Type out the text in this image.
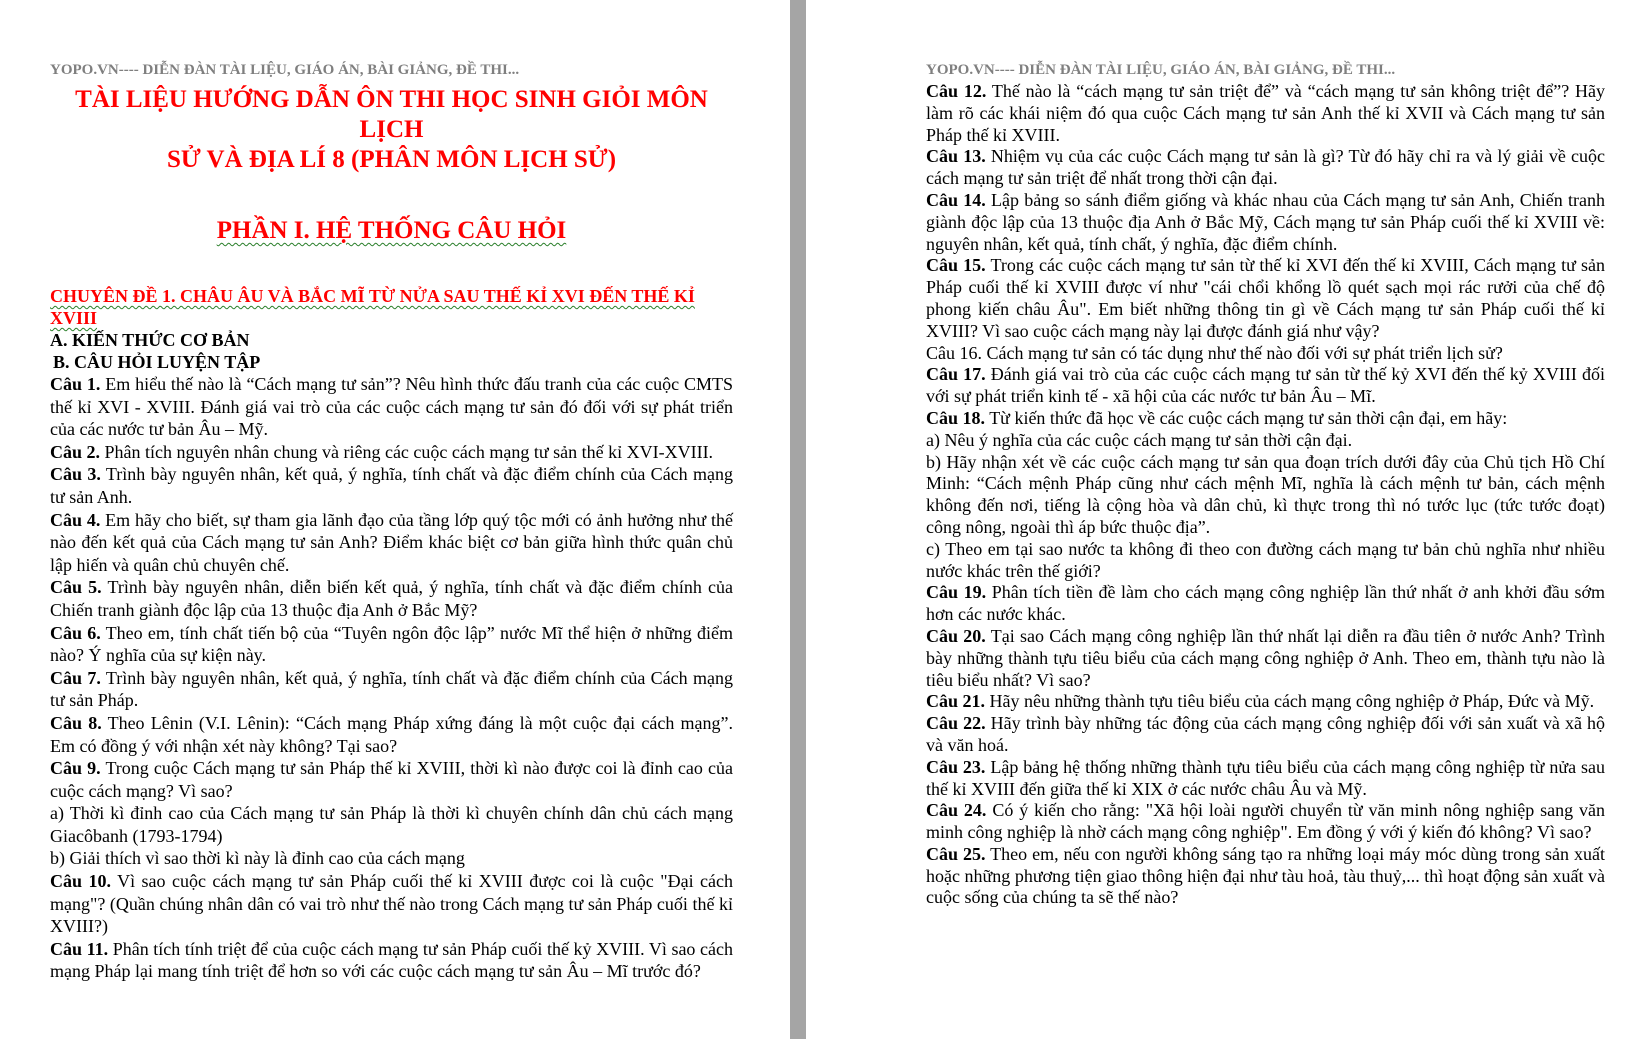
YOPO.VN---- DIỄN ĐÀN TÀI LIỆU, GIÁO ÁN, BÀI GIẢNG, ĐỀ THI...

TÀI LIỆU HƯỚNG DẪN ÔN THI HỌC SINH GIỎI MÔN LỊCH

SỬ VÀ ĐỊA LÍ 8 (PHÂN MÔN LỊCH SỬ)

PHẦN I. HỆ THỐNG CÂU HỎI

CHUYÊN ĐỀ 1. CHÂU ÂU VÀ BẮC MĨ TỪ NỬA SAU THẾ KỈ XVI ĐẾN THẾ KỈ XVIII

A. KIẾN THỨC CƠ BẢN

B. CÂU HỎI LUYỆN TẬP

Câu 1. Em hiểu thế nào là “Cách mạng tư sản”? Nêu hình thức đấu tranh của các cuộc CMTS thế kỉ XVI - XVIII. Đánh giá vai trò của các cuộc cách mạng tư sản đó đối với sự phát triển của các nước tư bản Âu – Mỹ.

Câu 2. Phân tích nguyên nhân chung và riêng các cuộc cách mạng tư sản thế kỉ XVI-XVIII.

Câu 3. Trình bày nguyên nhân, kết quả, ý nghĩa, tính chất và đặc điểm chính của Cách mạng tư sản Anh.

Câu 4. Em hãy cho biết, sự tham gia lãnh đạo của tầng lớp quý tộc mới có ảnh hưởng như thế nào đến kết quả của Cách mạng tư sản Anh? Điểm khác biệt cơ bản giữa hình thức quân chủ lập hiến và quân chủ chuyên chế.

Câu 5. Trình bày nguyên nhân, diễn biến kết quả, ý nghĩa, tính chất và đặc điểm chính của Chiến tranh giành độc lập của 13 thuộc địa Anh ở Bắc Mỹ?

Câu 6. Theo em, tính chất tiến bộ của “Tuyên ngôn độc lập” nước Mĩ thể hiện ở những điểm nào? Ý nghĩa của sự kiện này.

Câu 7. Trình bày nguyên nhân, kết quả, ý nghĩa, tính chất và đặc điểm chính của Cách mạng tư sản Pháp.

Câu 8. Theo Lênin (V.I. Lênin): “Cách mạng Pháp xứng đáng là một cuộc đại cách mạng”. Em có đồng ý với nhận xét này không? Tại sao?

Câu 9. Trong cuộc Cách mạng tư sản Pháp thế kỉ XVIII, thời kì nào được coi là đỉnh cao của cuộc cách mạng? Vì sao?

a) Thời kì đỉnh cao của Cách mạng tư sản Pháp là thời kì chuyên chính dân chủ cách mạng Giacôbanh (1793-1794)

b) Giải thích vì sao thời kì này là đỉnh cao của cách mạng

Câu 10. Vì sao cuộc cách mạng tư sản Pháp cuối thế kỉ XVIII được coi là cuộc "Đại cách mạng"? (Quần chúng nhân dân có vai trò như thế nào trong Cách mạng tư sản Pháp cuối thế kỉ XVIII?)

Câu 11. Phân tích tính triệt để của cuộc cách mạng tư sản Pháp cuối thế kỷ XVIII. Vì sao cách mạng Pháp lại mang tính triệt để hơn so với các cuộc cách mạng tư sản Âu – Mĩ trước đó?

YOPO.VN---- DIỄN ĐÀN TÀI LIỆU, GIÁO ÁN, BÀI GIẢNG, ĐỀ THI...

Câu 12. Thế nào là “cách mạng tư sản triệt để” và “cách mạng tư sản không triệt để”? Hãy làm rõ các khái niệm đó qua cuộc Cách mạng tư sản Anh thế kỉ XVII và Cách mạng tư sản Pháp thế kỉ XVIII.

Câu 13. Nhiệm vụ của các cuộc Cách mạng tư sản là gì? Từ đó hãy chỉ ra và lý giải về cuộc cách mạng tư sản triệt để nhất trong thời cận đại.

Câu 14. Lập bảng so sánh điểm giống và khác nhau của Cách mạng tư sản Anh, Chiến tranh giành độc lập của 13 thuộc địa Anh ở Bắc Mỹ, Cách mạng tư sản Pháp cuối thế kỉ XVIII về: nguyên nhân, kết quả, tính chất, ý nghĩa, đặc điểm chính.

Câu 15. Trong các cuộc cách mạng tư sản từ thế kỉ XVI đến thế kỉ XVIII, Cách mạng tư sản Pháp cuối thế kỉ XVIII được ví như "cái chổi khổng lồ quét sạch mọi rác rưởi của chế độ phong kiến châu Âu". Em biết những thông tin gì về Cách mạng tư sản Pháp cuối thế kỉ XVIII? Vì sao cuộc cách mạng này lại được đánh giá như vậy?

Câu 16. Cách mạng tư sản có tác dụng như thế nào đối với sự phát triển lịch sử?

Câu 17. Đánh giá vai trò của các cuộc cách mạng tư sản từ thế kỷ XVI đến thế kỷ XVIII đối với sự phát triển kinh tế - xã hội của các nước tư bản Âu – Mĩ.

Câu 18. Từ kiến thức đã học về các cuộc cách mạng tư sản thời cận đại, em hãy:

a) Nêu ý nghĩa của các cuộc cách mạng tư sản thời cận đại.

b) Hãy nhận xét về các cuộc cách mạng tư sản qua đoạn trích dưới đây của Chủ tịch Hồ Chí Minh: “Cách mệnh Pháp cũng như cách mệnh Mĩ, nghĩa là cách mệnh tư bản, cách mệnh không đến nơi, tiếng là cộng hòa và dân chủ, kì thực trong thì nó tước lục (tức tước đoạt) công nông, ngoài thì áp bức thuộc địa”.

c) Theo em tại sao nước ta không đi theo con đường cách mạng tư bản chủ nghĩa như nhiều nước khác trên thế giới?

Câu 19. Phân tích tiền đề làm cho cách mạng công nghiệp lần thứ nhất ở anh khởi đầu sớm hơn các nước khác.

Câu 20. Tại sao Cách mạng công nghiệp lần thứ nhất lại diễn ra đầu tiên ở nước Anh? Trình bày những thành tựu tiêu biểu của cách mạng công nghiệp ở Anh. Theo em, thành tựu nào là tiêu biểu nhất? Vì sao?

Câu 21. Hãy nêu những thành tựu tiêu biểu của cách mạng công nghiệp ở Pháp, Đức và Mỹ.

Câu 22. Hãy trình bày những tác động của cách mạng công nghiệp đối với sản xuất và xã hộ và văn hoá.

Câu 23. Lập bảng hệ thống những thành tựu tiêu biểu của cách mạng công nghiệp từ nửa sau thế kỉ XVIII đến giữa thế kỉ XIX ở các nước châu Âu và Mỹ.

Câu 24. Có ý kiến cho rằng: "Xã hội loài người chuyển từ văn minh nông nghiệp sang văn minh công nghiệp là nhờ cách mạng công nghiệp". Em đồng ý với ý kiến đó không? Vì sao?

Câu 25. Theo em, nếu con người không sáng tạo ra những loại máy móc dùng trong sản xuất hoặc những phương tiện giao thông hiện đại như tàu hoả, tàu thuỷ,... thì hoạt động sản xuất và cuộc sống của chúng ta sẽ thế nào?
